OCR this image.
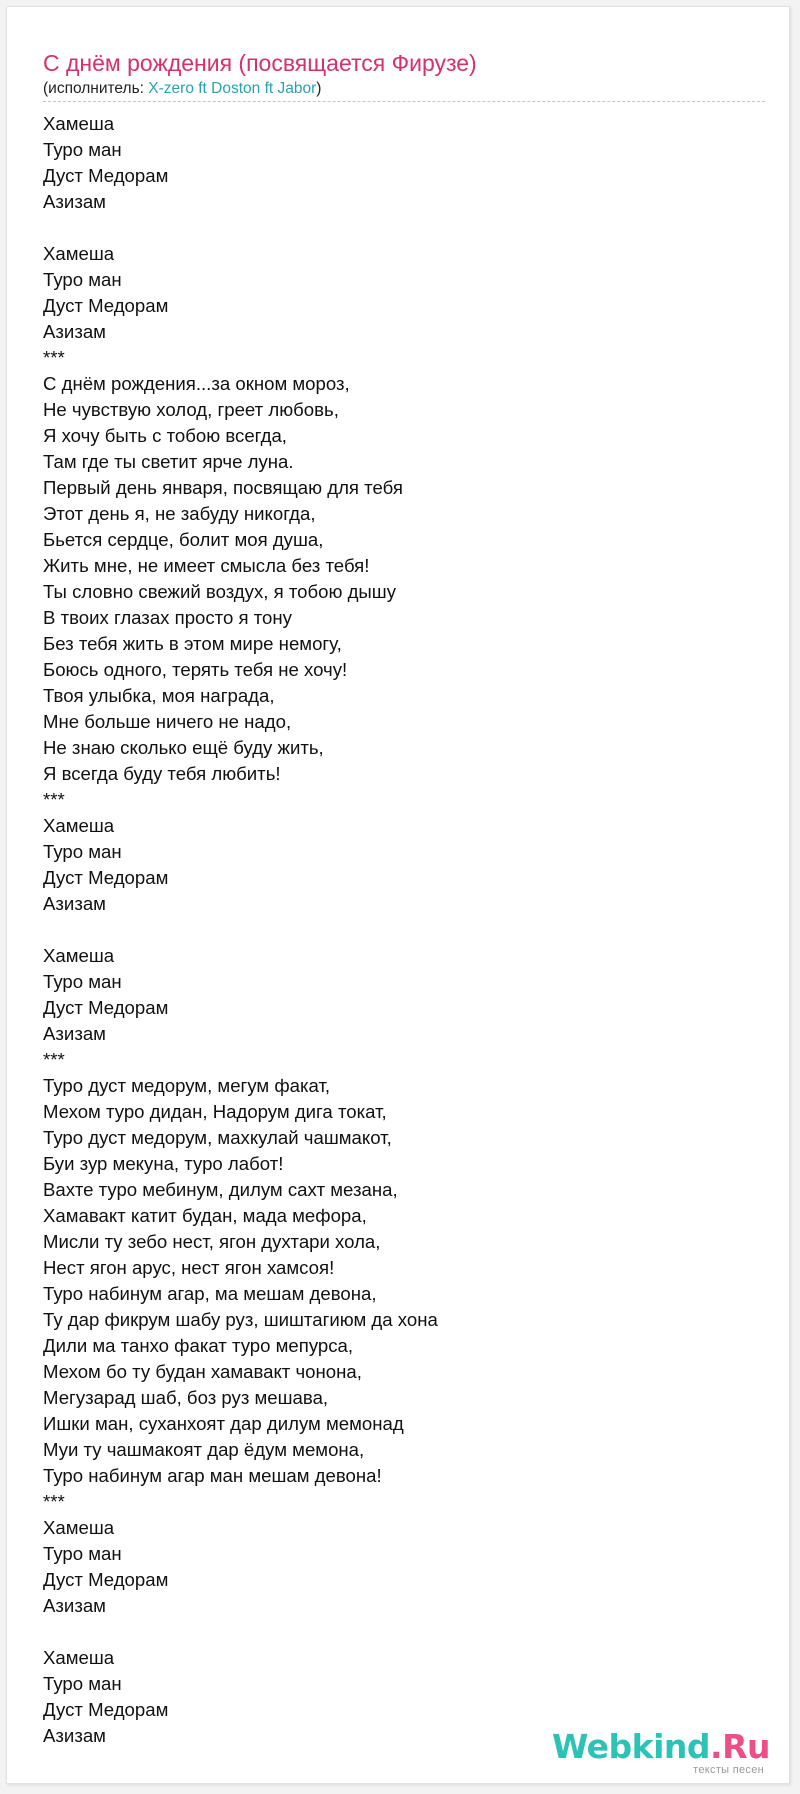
С днём рождения (посвящается Фирузе)
(исполнитель: X-zero ft Doston ft Jabor)
Хамеша
Туро ман
Дуст Медорам
Азизам
Хамеша
Туро ман
Дуст Медорам
Азизам
***
С днём рождения...за окном мороз,
Не чувствую холод, греет любовь,
Я хочу быть с тобою всегда,
Там где ты светит ярче луна.
Первый день января, посвящаю для тебя
Этот день я, не забуду никогда,
Бьется сердце, болит моя душа,
Жить мне, не имеет смысла без тебя!
Ты словно свежий воздух, я тобою дышу
В твоих глазах просто я тону
Без тебя жить в этом мире немогу,
Боюсь одного, терять тебя не хочу!
Твоя улыбка, моя награда,
Мне больше ничего не надо,
Не знаю сколько ещё буду жить,
Я всегда буду тебя любить!
***
Хамеша
Туро ман
Дуст Медорам
Азизам
Хамеша
Туро ман
Дуст Медорам
Азизам
***
Туро дуст медорум, мегум факат,
Мехом туро дидан, Надорум дига токат,
Туро дуст медорум, махкулай чашмакот,
Буи зур мекуна, туро лабот!
Вахте туро мебинум, дилум сахт мезана,
Хамавакт катит будан, мада мефора,
Мисли ту зебо нест, ягон духтари хола,
Нест ягон арус, нест ягон хамсоя!
Туро набинум агар, ма мешам девона,
Ту дар фикрум шабу руз, шиштагиюм да хона
Дили ма танхо факат туро мепурса,
Мехом бо ту будан хамавакт чонона,
Мегузарад шаб, боз руз мешава,
Ишки ман, суханхоят дар дилум мемонад
Муи ту чашмакоят дар ёдум мемона,
Туро набинум агар ман мешам девона!
***
Хамеша
Туро ман
Дуст Медорам
Азизам
Хамеша
Туро ман
Дуст Медорам
Азизам	Webkind.Ru
тексты песен
